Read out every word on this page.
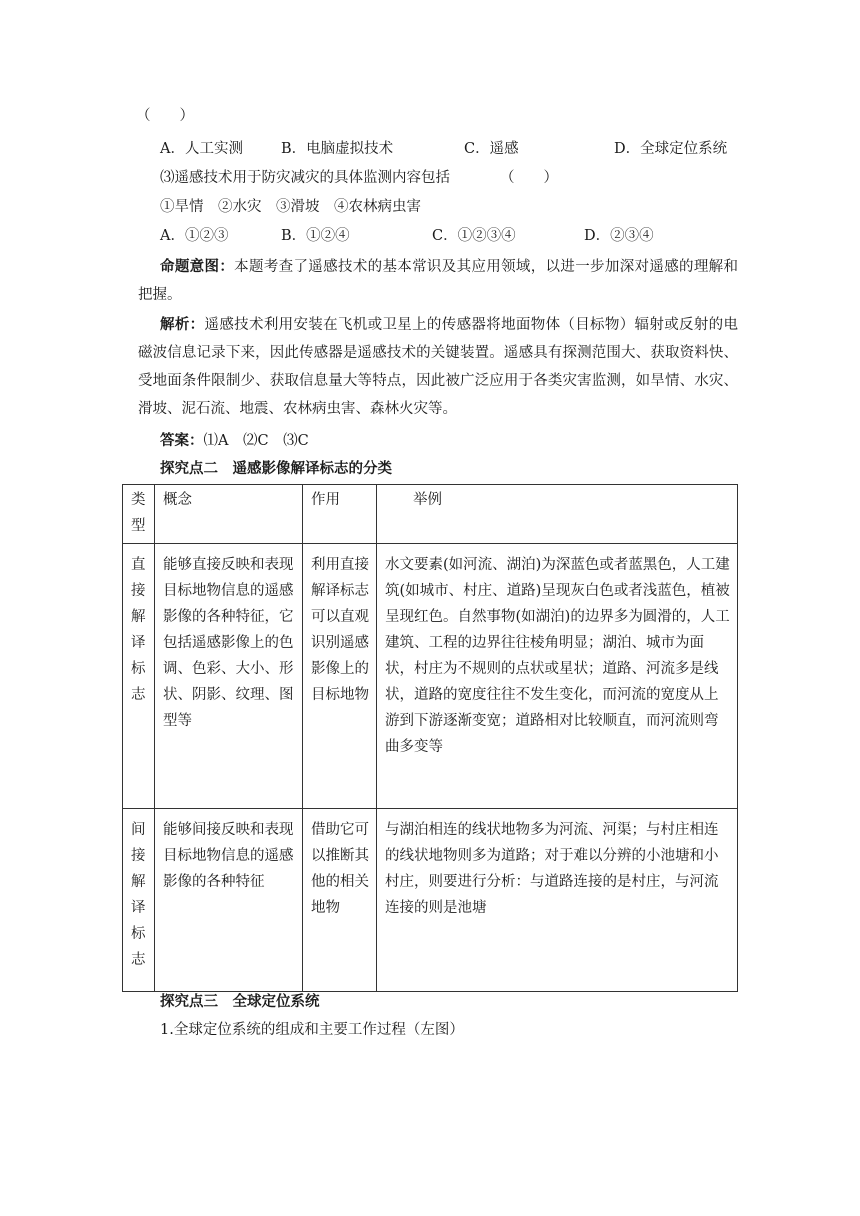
（　　）
A．人工实测	B．电脑虚拟技术	C．遥感	D．全球定位系统
⑶遥感技术用于防灾减灾的具体监测内容包括	（　　）
①旱情　②水灾　③滑坡　④农林病虫害
A．①②③	B．①②④	C．①②③④	D．②③④
命题意图：本题考查了遥感技术的基本常识及其应用领域，以进一步加深对遥感的理解和把握。
解析：遥感技术利用安装在飞机或卫星上的传感器将地面物体（目标物）辐射或反射的电磁波信息记录下来，因此传感器是遥感技术的关键装置。遥感具有探测范围大、获取资料快、受地面条件限制少、获取信息量大等特点，因此被广泛应用于各类灾害监测，如旱情、水灾、滑坡、泥石流、地震、农林病虫害、森林火灾等。
答案：⑴A　⑵C　⑶C
探究点二　遥感影像解译标志的分类
类型	概念	作用	举例

直接解译标志	能够直接反映和表现目标地物信息的遥感影像的各种特征，它包括遥感影像上的色调、色彩、大小、形状、阴影、纹理、图型等	利用直接解译标志可以直观识别遥感影像上的目标地物	水文要素(如河流、湖泊)为深蓝色或者蓝黑色，人工建筑(如城市、村庄、道路)呈现灰白色或者浅蓝色，植被呈现红色。自然事物(如湖泊)的边界多为圆滑的，人工建筑、工程的边界往往棱角明显；湖泊、城市为面状，村庄为不规则的点状或星状；道路、河流多是线状，道路的宽度往往不发生变化，而河流的宽度从上游到下游逐渐变宽；道路相对比较顺直，而河流则弯曲多变等

间接解译标志	能够间接反映和表现目标地物信息的遥感影像的各种特征	借助它可以推断其他的相关地物	与湖泊相连的线状地物多为河流、河渠；与村庄相连的线状地物则多为道路；对于难以分辨的小池塘和小村庄，则要进行分析：与道路连接的是村庄，与河流连接的则是池塘
探究点三　全球定位系统
1.全球定位系统的组成和主要工作过程（左图）
